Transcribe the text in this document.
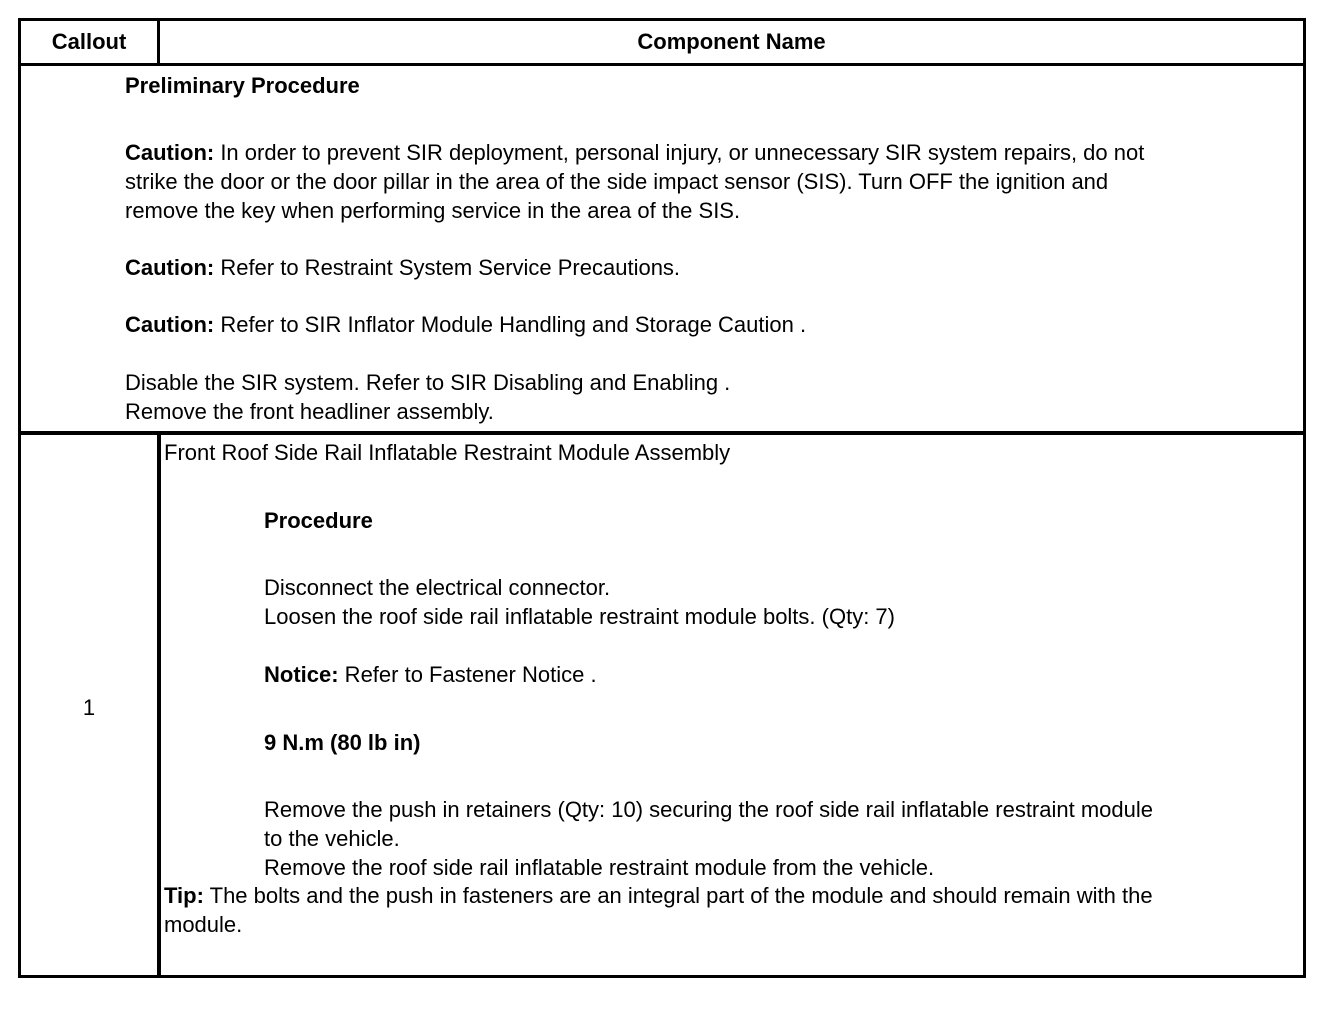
Callout	Component Name
Preliminary Procedure
Caution: In order to prevent SIR deployment, personal injury, or unnecessary SIR system repairs, do not
strike the door or the door pillar in the area of the side impact sensor (SIS). Turn OFF the ignition and
remove the key when performing service in the area of the SIS.
Caution: Refer to Restraint System Service Precautions.
Caution: Refer to SIR Inflator Module Handling and Storage Caution .
Disable the SIR system. Refer to SIR Disabling and Enabling .
Remove the front headliner assembly.
1
Front Roof Side Rail Inflatable Restraint Module Assembly
Procedure
Disconnect the electrical connector.
Loosen the roof side rail inflatable restraint module bolts. (Qty: 7)
Notice: Refer to Fastener Notice .
9 N.m (80 lb in)
Remove the push in retainers (Qty: 10) securing the roof side rail inflatable restraint module
to the vehicle.
Remove the roof side rail inflatable restraint module from the vehicle.
Tip: The bolts and the push in fasteners are an integral part of the module and should remain with the
module.
